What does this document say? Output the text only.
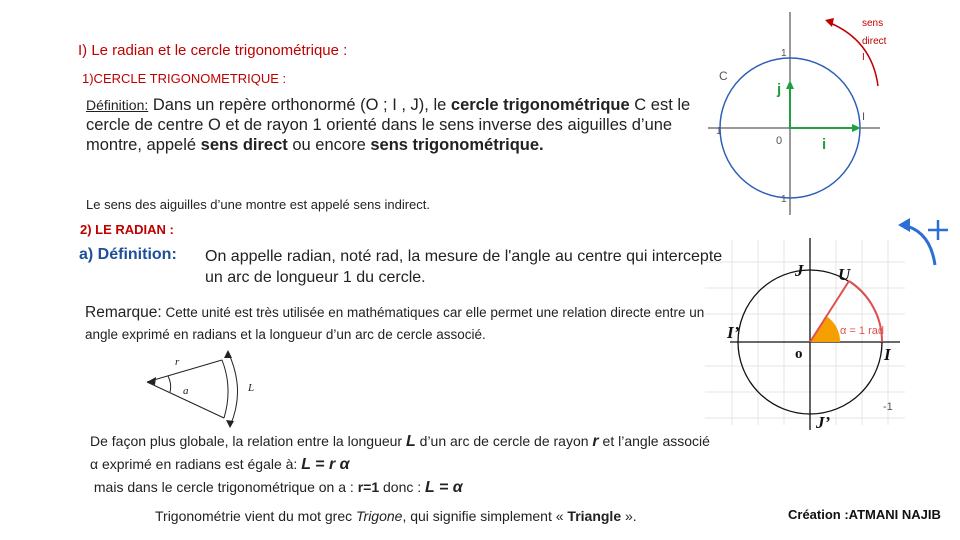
I) Le radian et le cercle trigonométrique :
1)CERCLE TRIGONOMETRIQUE :
Définition: Dans un repère orthonormé (O ; I , J), le cercle trigonométrique C est le cercle de centre O et de rayon 1 orienté dans le sens inverse des aiguilles d’une montre, appelé sens direct ou encore sens trigonométrique.
Le sens des aiguilles d’une montre est appelé sens indirect.
2) LE RADIAN :
a) Définition: On appelle radian, noté rad, la mesure de l'angle au centre qui intercepte un arc de longueur 1 du cercle.
Remarque: Cette unité est très utilisée en mathématiques car elle permet une relation directe entre un angle exprimé en radians et la longueur d’un arc de cercle associé.
De façon plus globale, la relation entre la longueur L d’un arc de cercle de rayon r et l’angle associé α exprimé en radians est égale à: L = r α
mais dans le cercle trigonométrique on a : r=1 donc : L = α
Trigonométrie vient du mot grec Trigone, qui signifie simplement « Triangle ».	Création :ATMANI NAJIB
sens
direct
I
j
i
0
I
C
1
1
1
J U
I’
o	I
J’
α = 1 rad
-1
r
a	L
